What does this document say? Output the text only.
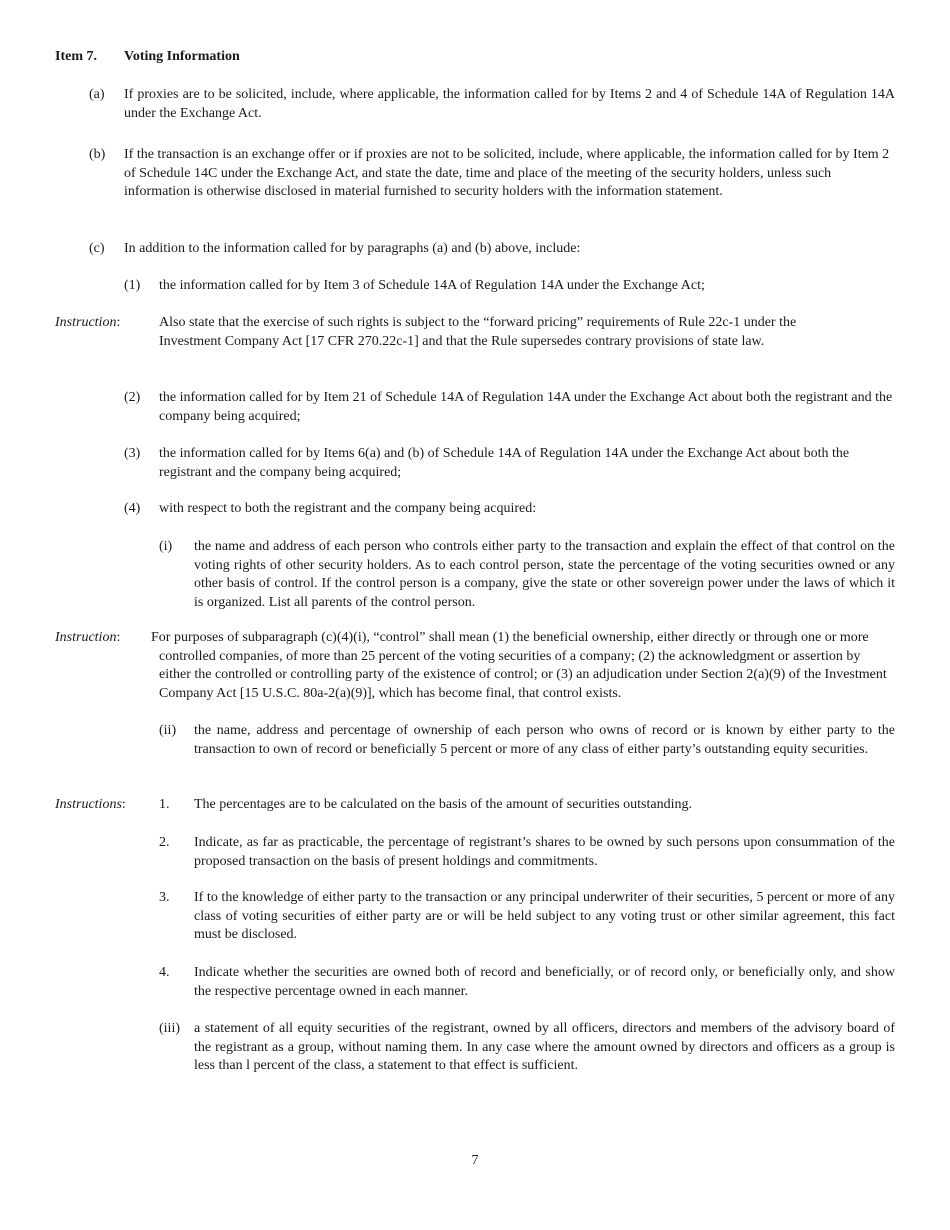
Item 7. Voting Information
(a) If proxies are to be solicited, include, where applicable, the information called for by Items 2 and 4 of Schedule 14A of Regulation 14A under the Exchange Act.

(b) If the transaction is an exchange offer or if proxies are not to be solicited, include, where applicable, the information called for by Item 2 of Schedule 14C under the Exchange Act, and state the date, time and place of the meeting of the security holders, unless such information is otherwise disclosed in material furnished to security holders with the information statement.

(c) In addition to the information called for by paragraphs (a) and (b) above, include:

(1) the information called for by Item 3 of Schedule 14A of Regulation 14A under the Exchange Act;

Instruction:	Also state that the exercise of such rights is subject to the “forward pricing” requirements of Rule 22c-1 under the Investment Company Act [17 CFR 270.22c-1] and that the Rule supersedes contrary provisions of state law.

(2) the information called for by Item 21 of Schedule 14A of Regulation 14A under the Exchange Act about both the registrant and the company being acquired;

(3) the information called for by Items 6(a) and (b) of Schedule 14A of Regulation 14A under the Exchange Act about both the registrant and the company being acquired;

(4) with respect to both the registrant and the company being acquired:

(i) the name and address of each person who controls either party to the transaction and explain the effect of that control on the voting rights of other security holders. As to each control person, state the percentage of the voting securities owned or any other basis of control. If the control person is a company, give the state or other sovereign power under the laws of which it is organized. List all parents of the control person.

Instruction: For purposes of subparagraph (c)(4)(i), “control” shall mean (1) the beneficial ownership, either directly or through one or more controlled companies, of more than 25 percent of the voting securities of a company; (2) the acknowledgment or assertion by either the controlled or controlling party of the existence of control; or (3) an adjudication under Section 2(a)(9) of the Investment Company Act [15 U.S.C. 80a-2(a)(9)], which has become final, that control exists.

(ii) the name, address and percentage of ownership of each person who owns of record or is known by either party to the transaction to own of record or beneficially 5 percent or more of any class of either party’s outstanding equity securities.

Instructions: 1. The percentages are to be calculated on the basis of the amount of securities outstanding.

2. Indicate, as far as practicable, the percentage of registrant’s shares to be owned by such persons upon consummation of the proposed transaction on the basis of present holdings and commitments.

3. If to the knowledge of either party to the transaction or any principal underwriter of their securities, 5 percent or more of any class of voting securities of either party are or will be held subject to any voting trust or other similar agreement, this fact must be disclosed.

4. Indicate whether the securities are owned both of record and beneficially, or of record only, or beneficially only, and show the respective percentage owned in each manner.

(iii) a statement of all equity securities of the registrant, owned by all officers, directors and members of the advisory board of the registrant as a group, without naming them. In any case where the amount owned by directors and officers as a group is less than l percent of the class, a statement to that effect is sufficient.

7
